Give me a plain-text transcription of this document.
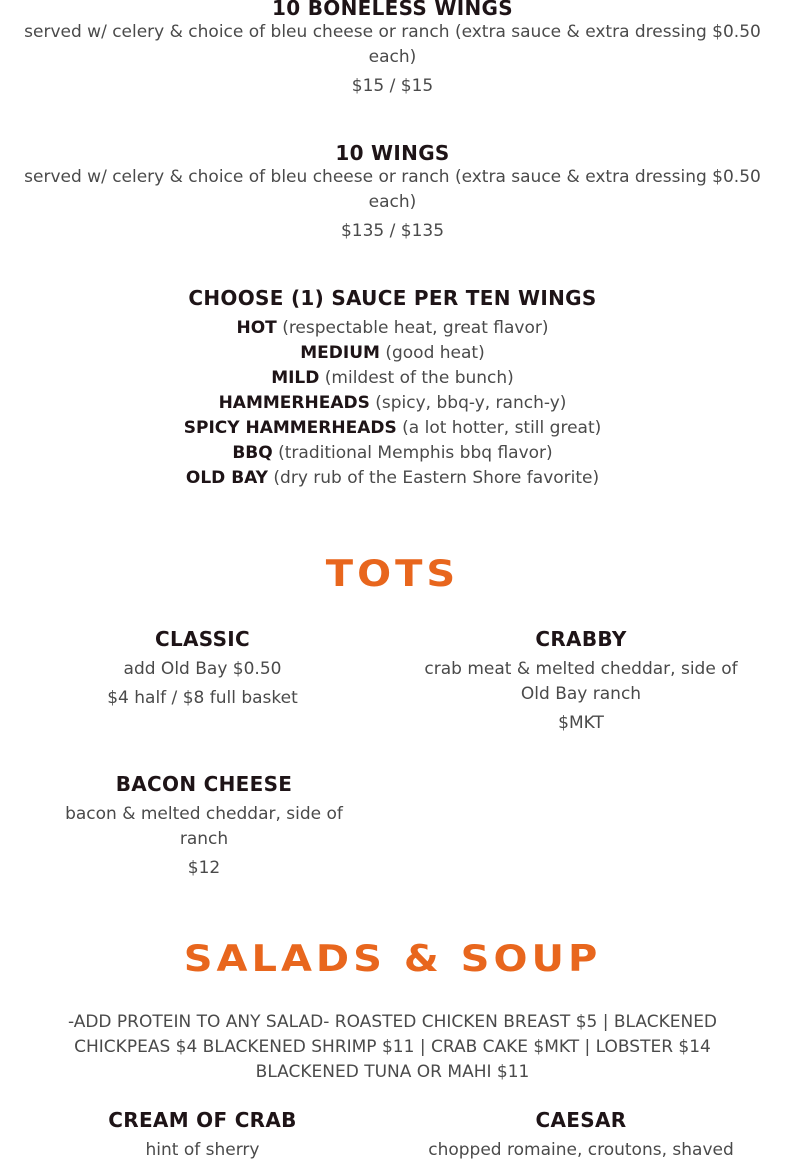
10 BONELESS WINGS
served w/ celery & choice of bleu cheese or ranch (extra sauce & extra dressing $0.50 each)
$15 / $15
10 WINGS
served w/ celery & choice of bleu cheese or ranch (extra sauce & extra dressing $0.50 each)
$135 / $135
CHOOSE (1) SAUCE PER TEN WINGS
HOT (respectable heat, great flavor)
MEDIUM (good heat)
MILD (mildest of the bunch)
HAMMERHEADS (spicy, bbq-y, ranch-y)
SPICY HAMMERHEADS (a lot hotter, still great)
BBQ (traditional Memphis bbq flavor)
OLD BAY (dry rub of the Eastern Shore favorite)
TOTS
CLASSIC
add Old Bay $0.50
$4 half / $8 full basket
CRABBY
crab meat & melted cheddar, side of Old Bay ranch
$MKT
BACON CHEESE
bacon & melted cheddar, side of ranch
$12
SALADS & SOUP
-ADD PROTEIN TO ANY SALAD- ROASTED CHICKEN BREAST $5 | BLACKENED CHICKPEAS $4 BLACKENED SHRIMP $11 | CRAB CAKE $MKT | LOBSTER $14 BLACKENED TUNA OR MAHI $11
CREAM OF CRAB
hint of sherry
CAESAR
chopped romaine, croutons, shaved
